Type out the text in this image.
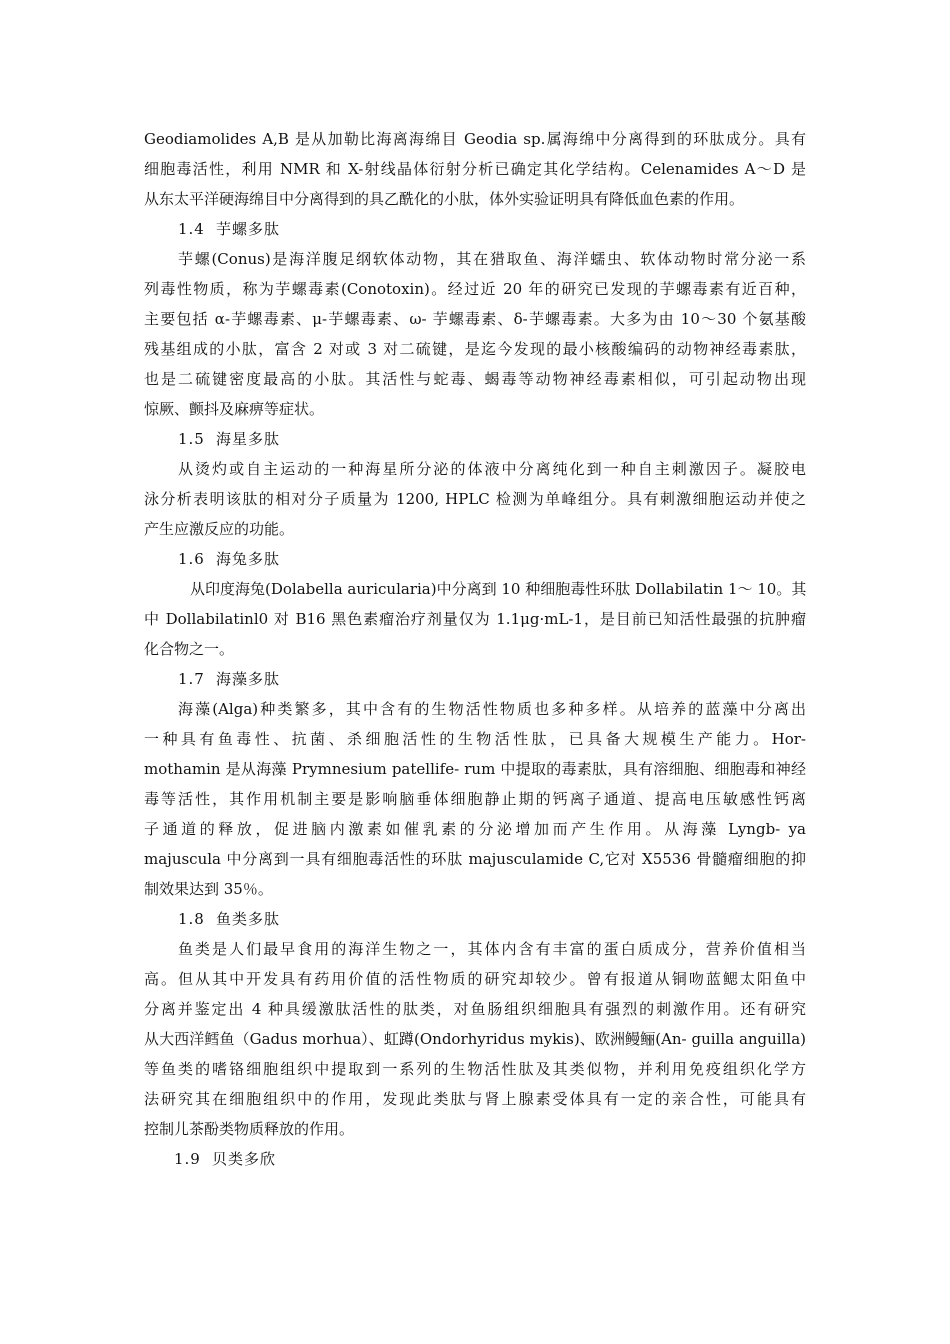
Geodiamolides A,B 是从加勒比海离海绵目 Geodia sp.属海绵中分离得到的环肽成分。具有
细胞毒活性，利用 NMR 和 X-射线晶体衍射分析已确定其化学结构。Celenamides A～D 是
从东太平洋硬海绵目中分离得到的具乙酰化的小肽，体外实验证明具有降低血色素的作用。
1.4 芋螺多肽
芋螺(Conus)是海洋腹足纲软体动物，其在猎取鱼、海洋蠕虫、软体动物时常分泌一系
列毒性物质，称为芋螺毒素(Conotoxin)。经过近 20 年的研究已发现的芋螺毒素有近百种，
主要包括 α-芋螺毒素、μ-芋螺毒素、ω- 芋螺毒素、δ-芋螺毒素。大多为由 10～30 个氨基酸
残基组成的小肽，富含 2 对或 3 对二硫键，是迄今发现的最小核酸编码的动物神经毒素肽，
也是二硫键密度最高的小肽。其活性与蛇毒、蝎毒等动物神经毒素相似，可引起动物出现
惊厥、颤抖及麻痹等症状。
1.5 海星多肽
从烫灼或自主运动的一种海星所分泌的体液中分离纯化到一种自主刺激因子。凝胶电
泳分析表明该肽的相对分子质量为 1200, HPLC 检测为单峰组分。具有刺激细胞运动并使之
产生应激反应的功能。
1.6 海兔多肽
从印度海兔(Dolabella auricularia)中分离到 10 种细胞毒性环肽 Dollabilatin 1～ 10。其
中 Dollabilatinl0 对 B16 黑色素瘤治疗剂量仅为 1.1μg·mL-1，是目前已知活性最强的抗肿瘤
化合物之一。
1.7 海藻多肽
海藻(Alga)种类繁多，其中含有的生物活性物质也多种多样。从培养的蓝藻中分离出
一种具有鱼毒性、抗菌、杀细胞活性的生物活性肽，已具备大规模生产能力。Hor-
mothamin 是从海藻 Prymnesium patellife- rum 中提取的毒素肽，具有溶细胞、细胞毒和神经
毒等活性，其作用机制主要是影响脑垂体细胞静止期的钙离子通道、提高电压敏感性钙离
子通道的释放，促进脑内激素如催乳素的分泌增加而产生作用。从海藻 Lyngb- ya
majuscula 中分离到一具有细胞毒活性的环肽 majusculamide C,它对 X5536 骨髓瘤细胞的抑
制效果达到 35％。
1.8 鱼类多肽
鱼类是人们最早食用的海洋生物之一，其体内含有丰富的蛋白质成分，营养价值相当
高。但从其中开发具有药用价值的活性物质的研究却较少。曾有报道从铜吻蓝鳃太阳鱼中
分离并鉴定出 4 种具缓激肽活性的肽类，对鱼肠组织细胞具有强烈的刺激作用。还有研究
从大西洋鳕鱼（Gadus morhua）、虹蹲(Ondorhyridus mykis)、欧洲鳗鲡(An- guilla anguilla)
等鱼类的嗜铬细胞组织中提取到一系列的生物活性肽及其类似物，并利用免疫组织化学方
法研究其在细胞组织中的作用，发现此类肽与肾上腺素受体具有一定的亲合性，可能具有
控制儿茶酚类物质释放的作用。
1.9 贝类多欣
